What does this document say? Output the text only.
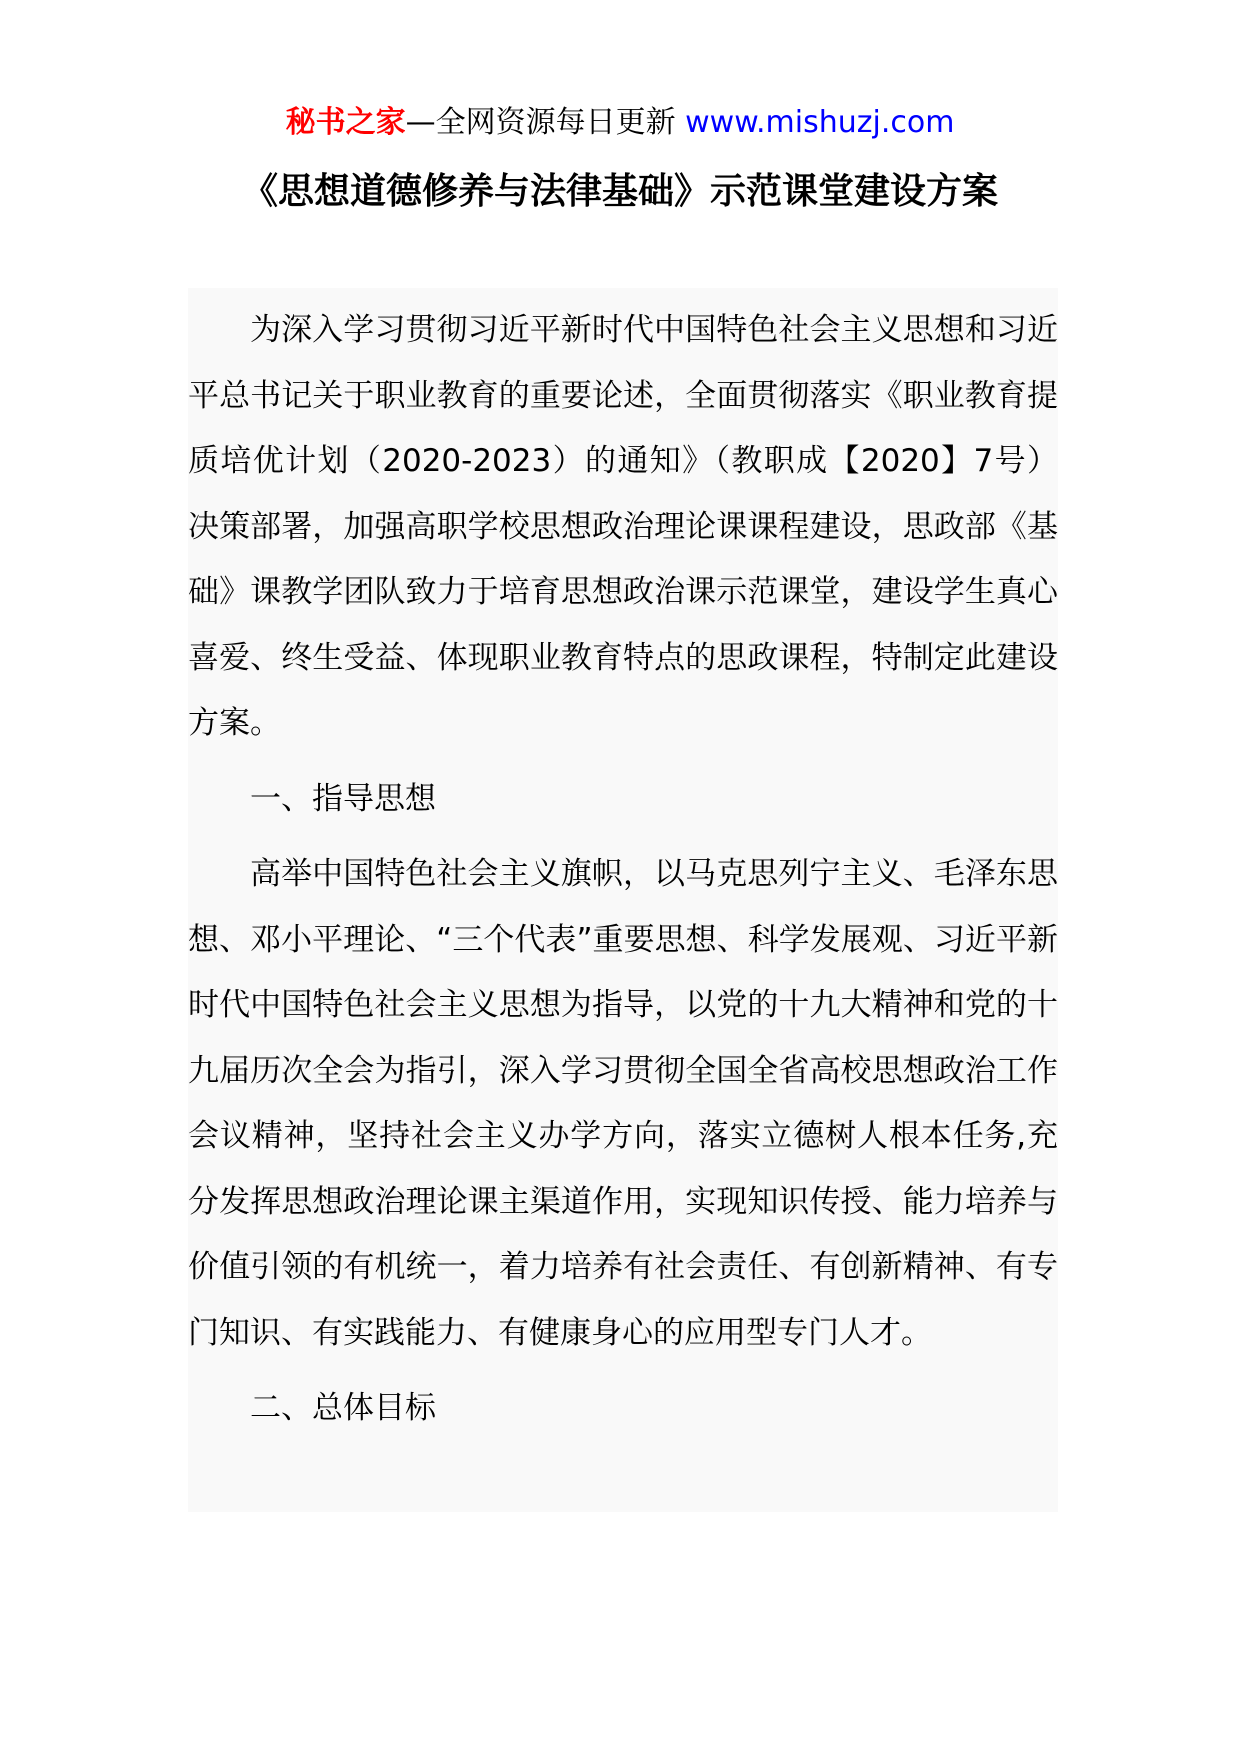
秘书之家—全网资源每日更新 www.mishuzj.com
《思想道德修养与法律基础》示范课堂建设方案

为深入学习贯彻习近平新时代中国特色社会主义思想和习近平总书记关于职业教育的重要论述，全面贯彻落实《职业教育提质培优计划（2020-2023）的通知》（教职成【2020】7号）决策部署，加强高职学校思想政治理论课课程建设，思政部《基础》课教学团队致力于培育思想政治课示范课堂，建设学生真心喜爱、终生受益、体现职业教育特点的思政课程，特制定此建设方案。

一、指导思想

高举中国特色社会主义旗帜，以马克思列宁主义、毛泽东思想、邓小平理论、“三个代表”重要思想、科学发展观、习近平新时代中国特色社会主义思想为指导，以党的十九大精神和党的十九届历次全会为指引，深入学习贯彻全国全省高校思想政治工作会议精神，坚持社会主义办学方向，落实立德树人根本任务,充分发挥思想政治理论课主渠道作用，实现知识传授、能力培养与价值引领的有机统一，着力培养有社会责任、有创新精神、有专门知识、有实践能力、有健康身心的应用型专门人才。

二、总体目标
